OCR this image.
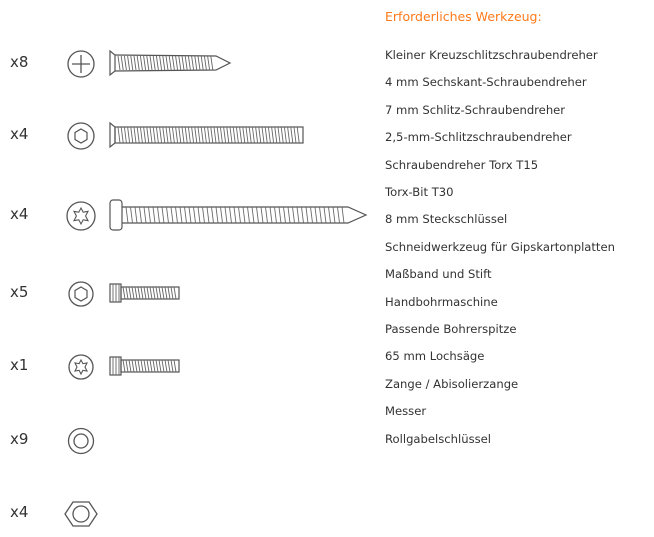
x8
x4
x4
x5
x1
x9
x4
Erforderliches Werkzeug:
Kleiner Kreuzschlitzschraubendreher
4 mm Sechskant-Schraubendreher
7 mm Schlitz-Schraubendreher
2,5-mm-Schlitzschraubendreher
Schraubendreher Torx T15
Torx-Bit T30
8 mm Steckschlüssel
Schneidwerkzeug für Gipskartonplatten
Maßband und Stift
Handbohrmaschine
Passende Bohrerspitze
65 mm Lochsäge
Zange / Abisolierzange
Messer
Rollgabelschlüssel
